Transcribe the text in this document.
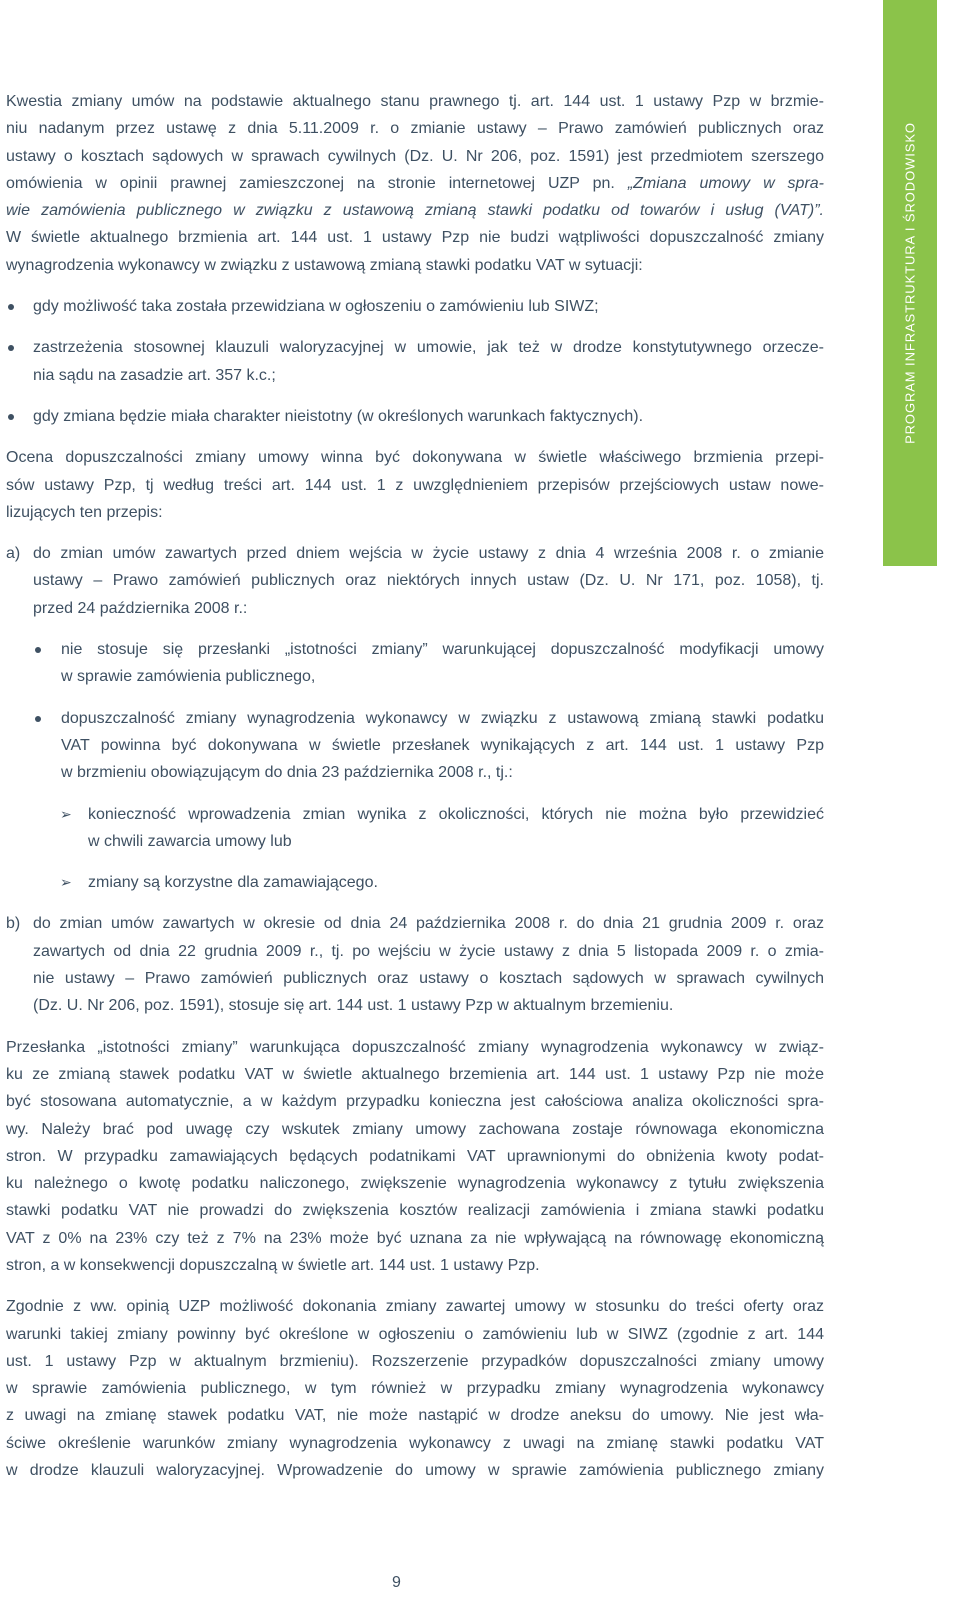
PROGRAM INFRASTRUKTURA I ŚRODOWISKO
Kwestia zmiany umów na podstawie aktualnego stanu prawnego tj. art. 144 ust. 1 ustawy Pzp w brzmie-
niu nadanym przez ustawę z dnia 5.11.2009 r. o zmianie ustawy – Prawo zamówień publicznych oraz
ustawy o kosztach sądowych w sprawach cywilnych (Dz. U. Nr 206, poz. 1591) jest przedmiotem szerszego
omówienia w opinii prawnej zamieszczonej na stronie internetowej UZP pn. „Zmiana umowy w spra-
wie zamówienia publicznego w związku z ustawową zmianą stawki podatku od towarów i usług (VAT)”.
W świetle aktualnego brzmienia art. 144 ust. 1 ustawy Pzp nie budzi wątpliwości dopuszczalność zmiany
wynagrodzenia wykonawcy w związku z ustawową zmianą stawki podatku VAT w sytuacji:
gdy możliwość taka została przewidziana w ogłoszeniu o zamówieniu lub SIWZ;
zastrzeżenia stosownej klauzuli waloryzacyjnej w umowie, jak też w drodze konstytutywnego orzecze-
nia sądu na zasadzie art. 357 k.c.;
gdy zmiana będzie miała charakter nieistotny (w określonych warunkach faktycznych).
Ocena dopuszczalności zmiany umowy winna być dokonywana w świetle właściwego brzmienia przepi-
sów ustawy Pzp, tj według treści art. 144 ust. 1 z uwzględnieniem przepisów przejściowych ustaw nowe-
lizujących ten przepis:
a) do zmian umów zawartych przed dniem wejścia w życie ustawy z dnia 4 września 2008 r. o zmianie
ustawy – Prawo zamówień publicznych oraz niektórych innych ustaw (Dz. U. Nr 171, poz. 1058), tj.
przed 24 października 2008 r.:
nie stosuje się przesłanki „istotności zmiany” warunkującej dopuszczalność modyfikacji umowy
w sprawie zamówienia publicznego,
dopuszczalność zmiany wynagrodzenia wykonawcy w związku z ustawową zmianą stawki podatku
VAT powinna być dokonywana w świetle przesłanek wynikających z art. 144 ust. 1 ustawy Pzp
w brzmieniu obowiązującym do dnia 23 października 2008 r., tj.:
➢ konieczność wprowadzenia zmian wynika z okoliczności, których nie można było przewidzieć
w chwili zawarcia umowy lub
➢ zmiany są korzystne dla zamawiającego.
b) do zmian umów zawartych w okresie od dnia 24 października 2008 r. do dnia 21 grudnia 2009 r. oraz
zawartych od dnia 22 grudnia 2009 r., tj. po wejściu w życie ustawy z dnia 5 listopada 2009 r. o zmia-
nie ustawy – Prawo zamówień publicznych oraz ustawy o kosztach sądowych w sprawach cywilnych
(Dz. U. Nr 206, poz. 1591), stosuje się art. 144 ust. 1 ustawy Pzp w aktualnym brzemieniu.
Przesłanka „istotności zmiany” warunkująca dopuszczalność zmiany wynagrodzenia wykonawcy w związ-
ku ze zmianą stawek podatku VAT w świetle aktualnego brzemienia art. 144 ust. 1 ustawy Pzp nie może
być stosowana automatycznie, a w każdym przypadku konieczna jest całościowa analiza okoliczności spra-
wy. Należy brać pod uwagę czy wskutek zmiany umowy zachowana zostaje równowaga ekonomiczna
stron. W przypadku zamawiających będących podatnikami VAT uprawnionymi do obniżenia kwoty podat-
ku należnego o kwotę podatku naliczonego, zwiększenie wynagrodzenia wykonawcy z tytułu zwiększenia
stawki podatku VAT nie prowadzi do zwiększenia kosztów realizacji zamówienia i zmiana stawki podatku
VAT z 0% na 23% czy też z 7% na 23% może być uznana za nie wpływającą na równowagę ekonomiczną
stron, a w konsekwencji dopuszczalną w świetle art. 144 ust. 1 ustawy Pzp.
Zgodnie z ww. opinią UZP możliwość dokonania zmiany zawartej umowy w stosunku do treści oferty oraz
warunki takiej zmiany powinny być określone w ogłoszeniu o zamówieniu lub w SIWZ (zgodnie z art. 144
ust. 1 ustawy Pzp w aktualnym brzmieniu). Rozszerzenie przypadków dopuszczalności zmiany umowy
w sprawie zamówienia publicznego, w tym również w przypadku zmiany wynagrodzenia wykonawcy
z uwagi na zmianę stawek podatku VAT, nie może nastąpić w drodze aneksu do umowy. Nie jest wła-
ściwe określenie warunków zmiany wynagrodzenia wykonawcy z uwagi na zmianę stawki podatku VAT
w drodze klauzuli waloryzacyjnej. Wprowadzenie do umowy w sprawie zamówienia publicznego zmiany
9
